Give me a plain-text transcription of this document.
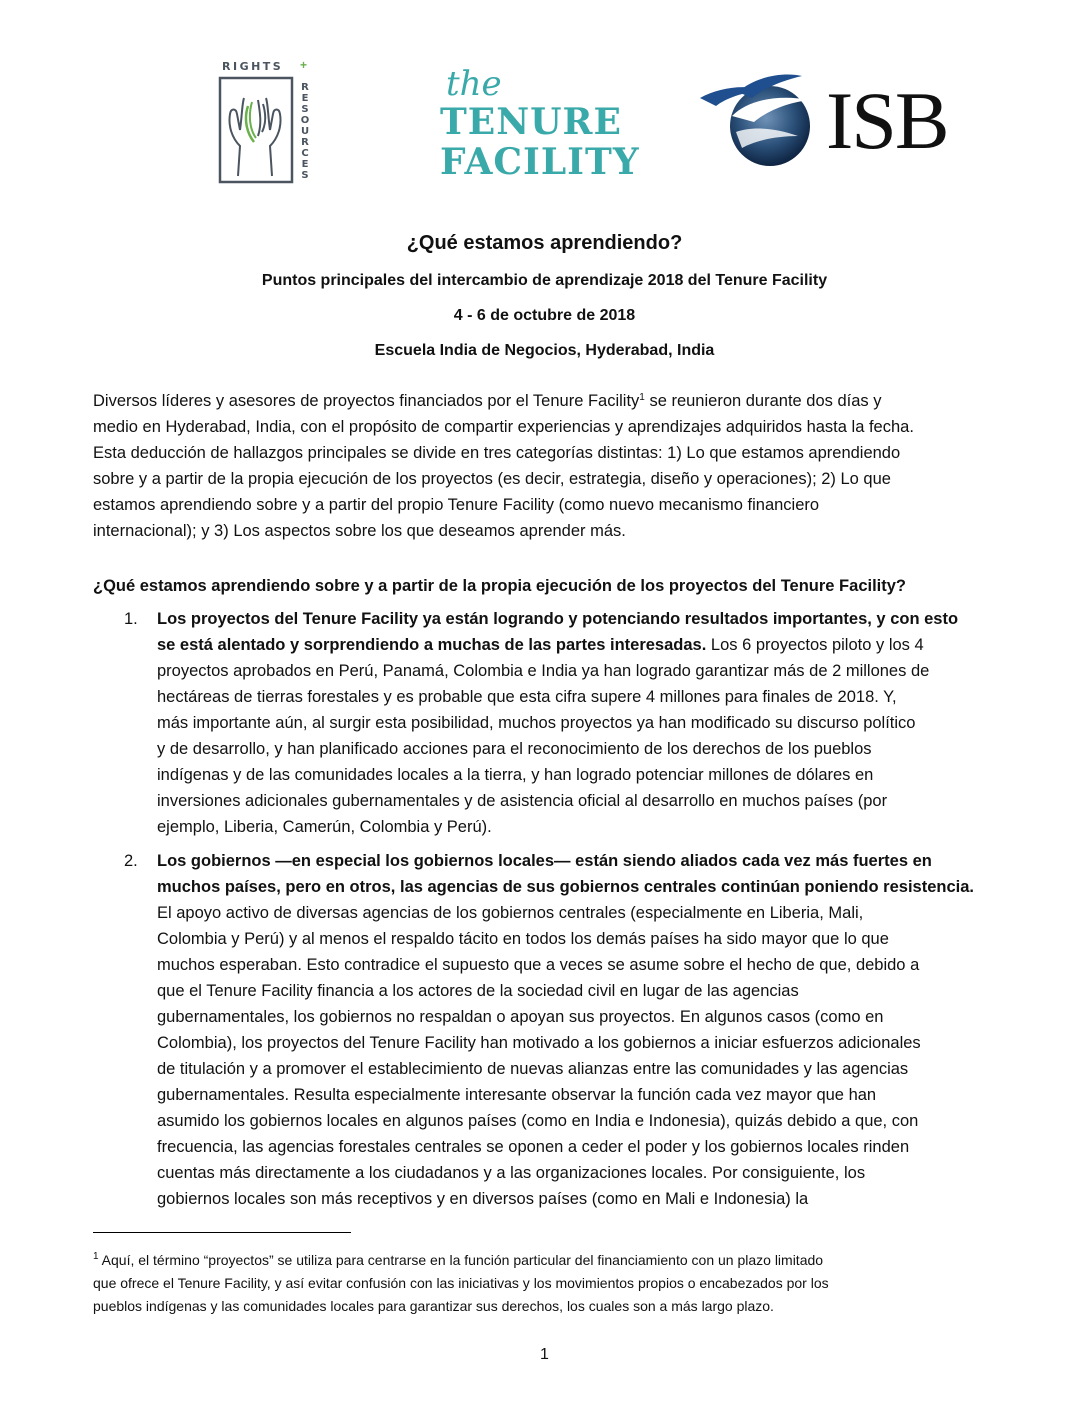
RIGHTS +
RESOURCES
the
TENURE
FACILITY ISB
¿Qué estamos aprendiendo?
Puntos principales del intercambio de aprendizaje 2018 del Tenure Facility
4 - 6 de octubre de 2018
Escuela India de Negocios, Hyderabad, India
Diversos líderes y asesores de proyectos financiados por el Tenure Facility$^1$ se reunieron durante dos días y
medio en Hyderabad, India, con el propósito de compartir experiencias y aprendizajes adquiridos hasta la fecha.
Esta deducción de hallazgos principales se divide en tres categorías distintas: 1) Lo que estamos aprendiendo
sobre y a partir de la propia ejecución de los proyectos (es decir, estrategia, diseño y operaciones); 2) Lo que
estamos aprendiendo sobre y a partir del propio Tenure Facility (como nuevo mecanismo financiero
internacional); y 3) Los aspectos sobre los que deseamos aprender más.
¿Qué estamos aprendiendo sobre y a partir de la propia ejecución de los proyectos del Tenure Facility?
1. Los proyectos del Tenure Facility ya están logrando y potenciando resultados importantes, y con esto
se está alentado y sorprendiendo a muchas de las partes interesadas. Los 6 proyectos piloto y los 4
proyectos aprobados en Perú, Panamá, Colombia e India ya han logrado garantizar más de 2 millones de
hectáreas de tierras forestales y es probable que esta cifra supere 4 millones para finales de 2018. Y,
más importante aún, al surgir esta posibilidad, muchos proyectos ya han modificado su discurso político
y de desarrollo, y han planificado acciones para el reconocimiento de los derechos de los pueblos
indígenas y de las comunidades locales a la tierra, y han logrado potenciar millones de dólares en
inversiones adicionales gubernamentales y de asistencia oficial al desarrollo en muchos países (por
ejemplo, Liberia, Camerún, Colombia y Perú).
2. Los gobiernos —en especial los gobiernos locales— están siendo aliados cada vez más fuertes en
muchos países, pero en otros, las agencias de sus gobiernos centrales continúan poniendo resistencia.
El apoyo activo de diversas agencias de los gobiernos centrales (especialmente en Liberia, Mali,
Colombia y Perú) y al menos el respaldo tácito en todos los demás países ha sido mayor que lo que
muchos esperaban. Esto contradice el supuesto que a veces se asume sobre el hecho de que, debido a
que el Tenure Facility financia a los actores de la sociedad civil en lugar de las agencias
gubernamentales, los gobiernos no respaldan o apoyan sus proyectos. En algunos casos (como en
Colombia), los proyectos del Tenure Facility han motivado a los gobiernos a iniciar esfuerzos adicionales
de titulación y a promover el establecimiento de nuevas alianzas entre las comunidades y las agencias
gubernamentales. Resulta especialmente interesante observar la función cada vez mayor que han
asumido los gobiernos locales en algunos países (como en India e Indonesia), quizás debido a que, con
frecuencia, las agencias forestales centrales se oponen a ceder el poder y los gobiernos locales rinden
cuentas más directamente a los ciudadanos y a las organizaciones locales. Por consiguiente, los
gobiernos locales son más receptivos y en diversos países (como en Mali e Indonesia) la
$^1$ Aquí, el término “proyectos” se utiliza para centrarse en la función particular del financiamiento con un plazo limitado
que ofrece el Tenure Facility, y así evitar confusión con las iniciativas y los movimientos propios o encabezados por los
pueblos indígenas y las comunidades locales para garantizar sus derechos, los cuales son a más largo plazo.
1
